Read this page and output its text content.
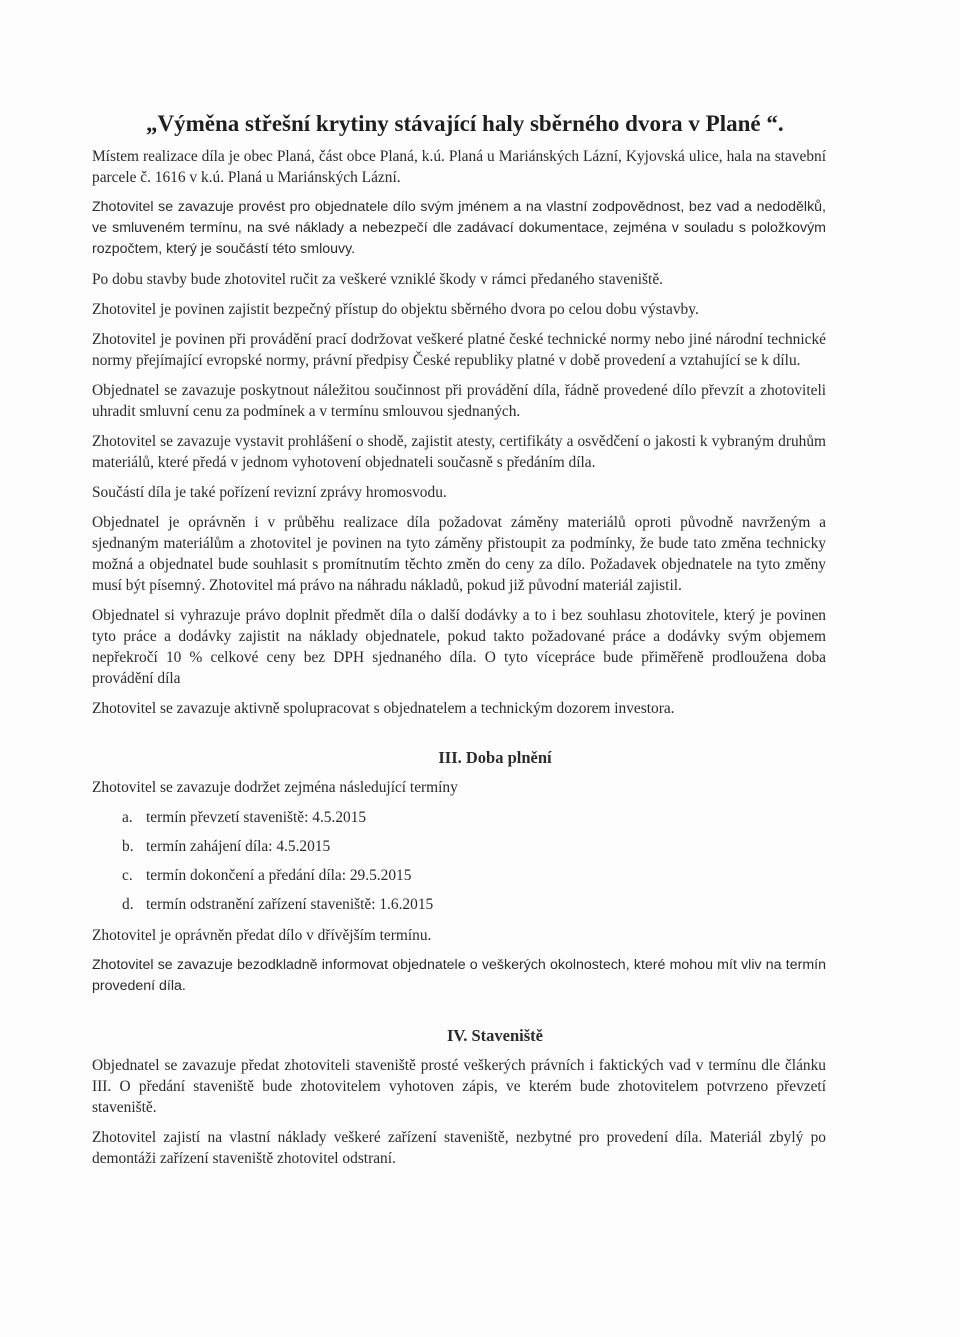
„Výměna střešní krytiny stávající haly sběrného dvora v Plané “.

Místem realizace díla je obec Planá, část obce Planá, k.ú. Planá u Mariánských Lázní, Kyjovská ulice, hala na stavební parcele č. 1616 v k.ú. Planá u Mariánských Lázní.

Zhotovitel se zavazuje provést pro objednatele dílo svým jménem a na vlastní zodpovědnost, bez vad a nedodělků, ve smluveném termínu, na své náklady a nebezpečí dle zadávací dokumentace, zejména v souladu s položkovým rozpočtem, který je součástí této smlouvy.

Po dobu stavby bude zhotovitel ručit za veškeré vzniklé škody v rámci předaného staveniště.

Zhotovitel je povinen zajistit bezpečný přístup do objektu sběrného dvora po celou dobu výstavby.

Zhotovitel je povinen při provádění prací dodržovat veškeré platné české technické normy nebo jiné národní technické normy přejímající evropské normy, právní předpisy České republiky platné v době provedení a vztahující se k dílu.

Objednatel se zavazuje poskytnout náležitou součinnost při provádění díla, řádně provedené dílo převzít a zhotoviteli uhradit smluvní cenu za podmínek a v termínu smlouvou sjednaných.

Zhotovitel se zavazuje vystavit prohlášení o shodě, zajistit atesty, certifikáty a osvědčení o jakosti k vybraným druhům materiálů, které předá v jednom vyhotovení objednateli současně s předáním díla.

Součástí díla je také pořízení revizní zprávy hromosvodu.

Objednatel je oprávněn i v průběhu realizace díla požadovat záměny materiálů oproti původně navrženým a sjednaným materiálům a zhotovitel je povinen na tyto záměny přistoupit za podmínky, že bude tato změna technicky možná a objednatel bude souhlasit s promítnutím těchto změn do ceny za dílo. Požadavek objednatele na tyto změny musí být písemný. Zhotovitel má právo na náhradu nákladů, pokud již původní materiál zajistil.

Objednatel si vyhrazuje právo doplnit předmět díla o další dodávky a to i bez souhlasu zhotovitele, který je povinen tyto práce a dodávky zajistit na náklady objednatele, pokud takto požadované práce a dodávky svým objemem nepřekročí 10 % celkové ceny bez DPH sjednaného díla. O tyto vícepráce bude přiměřeně prodloužena doba provádění díla

Zhotovitel se zavazuje aktivně spolupracovat s objednatelem a technickým dozorem investora.

III. Doba plnění

Zhotovitel se zavazuje dodržet zejména následující termíny

a. termín převzetí staveniště: 4.5.2015
b. termín zahájení díla: 4.5.2015
c. termín dokončení a předání díla: 29.5.2015
d. termín odstranění zařízení staveniště: 1.6.2015

Zhotovitel je oprávněn předat dílo v dřívějším termínu.

Zhotovitel se zavazuje bezodkladně informovat objednatele o veškerých okolnostech, které mohou mít vliv na termín provedení díla.

IV. Staveniště

Objednatel se zavazuje předat zhotoviteli staveniště prosté veškerých právních i faktických vad v termínu dle článku III. O předání staveniště bude zhotovitelem vyhotoven zápis, ve kterém bude zhotovitelem potvrzeno převzetí staveniště.

Zhotovitel zajistí na vlastní náklady veškeré zařízení staveniště, nezbytné pro provedení díla. Materiál zbylý po demontáži zařízení staveniště zhotovitel odstraní.
